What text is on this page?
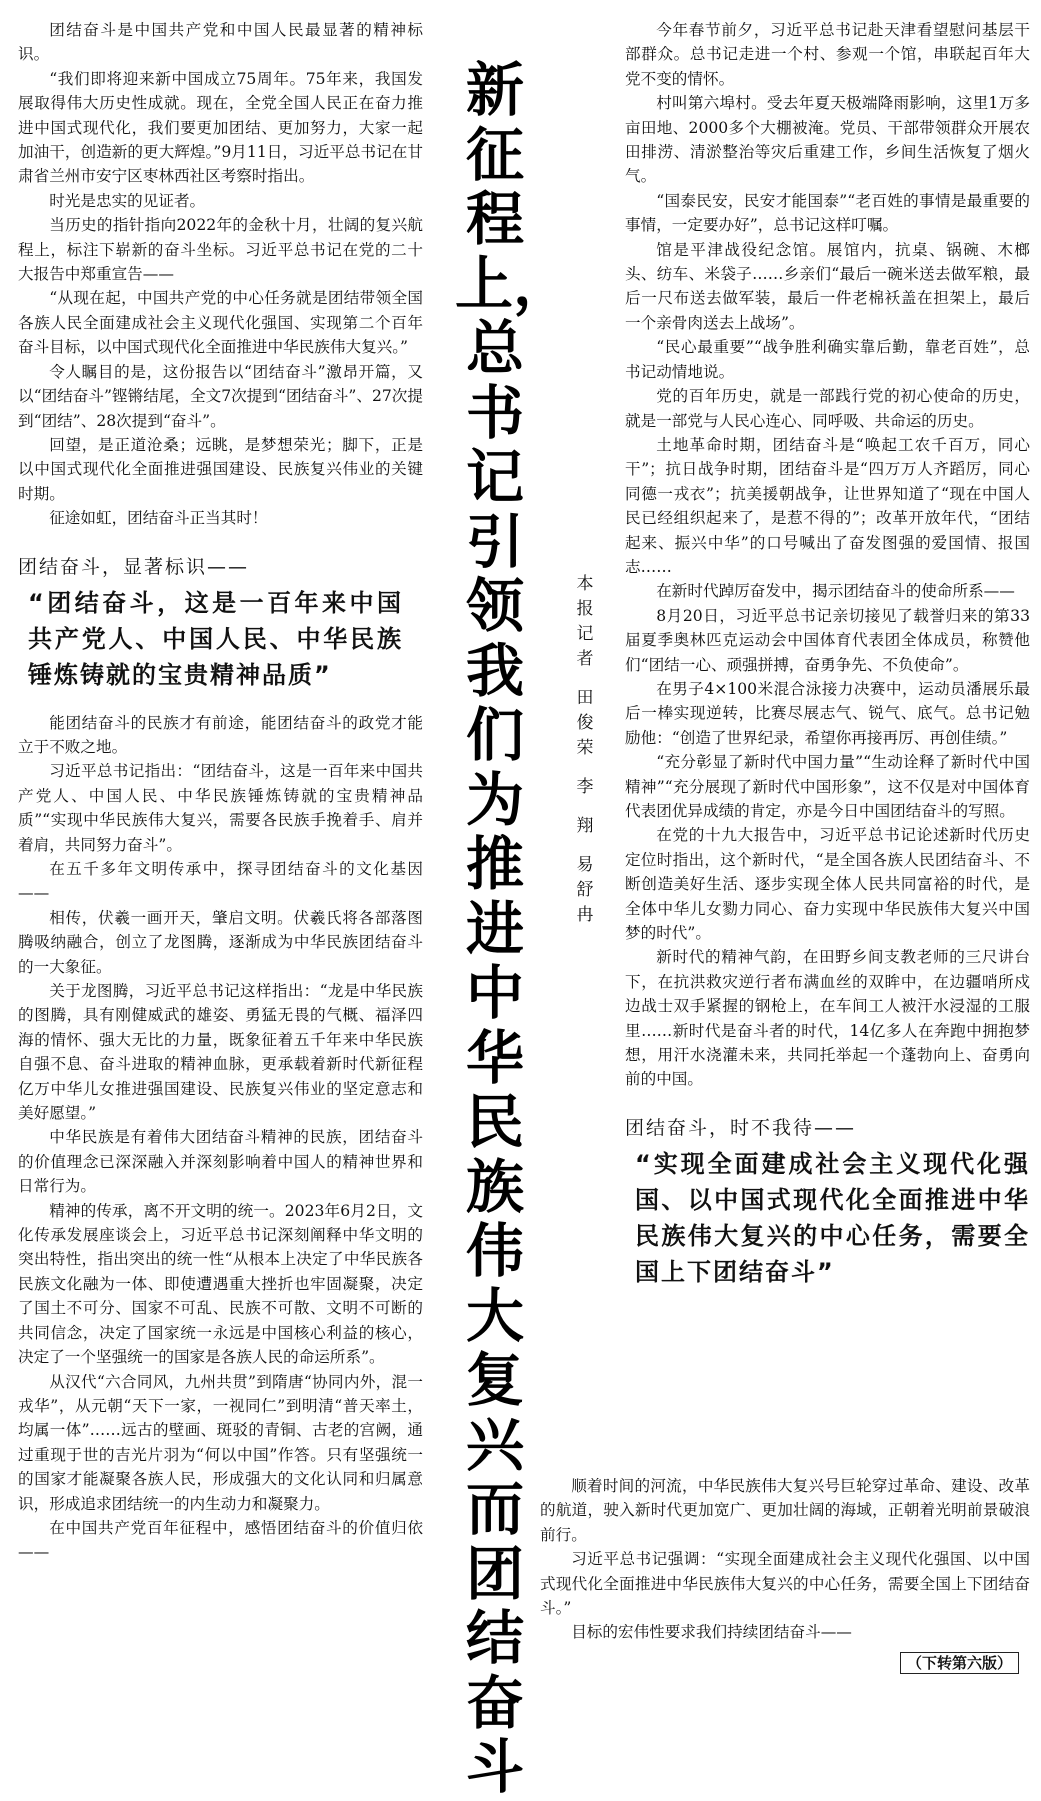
新
征
程
上，
总
书
记
引
领
我
们
为
推
进
中
华
民
族
伟
大
复
兴
而
团
结
奋
斗
本
报
记
者
田
俊
荣
李
翔
易
舒
冉

团结奋斗是中国共产党和中国人民最显著的精神标识。

“我们即将迎来新中国成立75周年。75年来，我国发展取得伟大历史性成就。现在，全党全国人民正在奋力推进中国式现代化，我们要更加团结、更加努力，大家一起加油干，创造新的更大辉煌。”9月11日，习近平总书记在甘肃省兰州市安宁区枣林西社区考察时指出。

时光是忠实的见证者。

当历史的指针指向2022年的金秋十月，壮阔的复兴航程上，标注下崭新的奋斗坐标。习近平总书记在党的二十大报告中郑重宣告——

“从现在起，中国共产党的中心任务就是团结带领全国各族人民全面建成社会主义现代化强国、实现第二个百年奋斗目标，以中国式现代化全面推进中华民族伟大复兴。”

令人瞩目的是，这份报告以“团结奋斗”激昂开篇，又以“团结奋斗”铿锵结尾，全文7次提到“团结奋斗”、27次提到“团结”、28次提到“奋斗”。

回望，是正道沧桑；远眺，是梦想荣光；脚下，正是以中国式现代化全面推进强国建设、民族复兴伟业的关键时期。

征途如虹，团结奋斗正当其时！

团结奋斗，显著标识——
“团结奋斗，这是一百年来中国共产党人、中国人民、中华民族锤炼铸就的宝贵精神品质”

能团结奋斗的民族才有前途，能团结奋斗的政党才能立于不败之地。

习近平总书记指出：“团结奋斗，这是一百年来中国共产党人、中国人民、中华民族锤炼铸就的宝贵精神品质”“实现中华民族伟大复兴，需要各民族手挽着手、肩并着肩，共同努力奋斗”。

在五千多年文明传承中，探寻团结奋斗的文化基因——

相传，伏羲一画开天，肇启文明。伏羲氏将各部落图腾吸纳融合，创立了龙图腾，逐渐成为中华民族团结奋斗的一大象征。

关于龙图腾，习近平总书记这样指出：“龙是中华民族的图腾，具有刚健威武的雄姿、勇猛无畏的气概、福泽四海的情怀、强大无比的力量，既象征着五千年来中华民族自强不息、奋斗进取的精神血脉，更承载着新时代新征程亿万中华儿女推进强国建设、民族复兴伟业的坚定意志和美好愿望。”

中华民族是有着伟大团结奋斗精神的民族，团结奋斗的价值理念已深深融入并深刻影响着中国人的精神世界和日常行为。

精神的传承，离不开文明的统一。2023年6月2日，文化传承发展座谈会上，习近平总书记深刻阐释中华文明的突出特性，指出突出的统一性“从根本上决定了中华民族各民族文化融为一体、即使遭遇重大挫折也牢固凝聚，决定了国土不可分、国家不可乱、民族不可散、文明不可断的共同信念，决定了国家统一永远是中国核心利益的核心，决定了一个坚强统一的国家是各族人民的命运所系”。

从汉代“六合同风，九州共贯”到隋唐“协同内外，混一戎华”，从元朝“天下一家，一视同仁”到明清“普天率土，均属一体”……远古的壁画、斑驳的青铜、古老的宫阙，通过重现于世的吉光片羽为“何以中国”作答。只有坚强统一的国家才能凝聚各族人民，形成强大的文化认同和归属意识，形成追求团结统一的内生动力和凝聚力。

在中国共产党百年征程中，感悟团结奋斗的价值归依——

今年春节前夕，习近平总书记赴天津看望慰问基层干部群众。总书记走进一个村、参观一个馆，串联起百年大党不变的情怀。

村叫第六埠村。受去年夏天极端降雨影响，这里1万多亩田地、2000多个大棚被淹。党员、干部带领群众开展农田排涝、清淤整治等灾后重建工作，乡间生活恢复了烟火气。

“国泰民安，民安才能国泰”“老百姓的事情是最重要的事情，一定要办好”，总书记这样叮嘱。

馆是平津战役纪念馆。展馆内，抗桌、锅碗、木榔头、纺车、米袋子……乡亲们“最后一碗米送去做军粮，最后一尺布送去做军装，最后一件老棉袄盖在担架上，最后一个亲骨肉送去上战场”。

“民心最重要”“战争胜利确实靠后勤，靠老百姓”，总书记动情地说。

党的百年历史，就是一部践行党的初心使命的历史，就是一部党与人民心连心、同呼吸、共命运的历史。

土地革命时期，团结奋斗是“唤起工农千百万，同心干”；抗日战争时期，团结奋斗是“四万万人齐蹈厉，同心同德一戎衣”；抗美援朝战争，让世界知道了“现在中国人民已经组织起来了，是惹不得的”；改革开放年代，“团结起来、振兴中华”的口号喊出了奋发图强的爱国情、报国志……

在新时代踔厉奋发中，揭示团结奋斗的使命所系——

8月20日，习近平总书记亲切接见了载誉归来的第33届夏季奥林匹克运动会中国体育代表团全体成员，称赞他们“团结一心、顽强拼搏，奋勇争先、不负使命”。

在男子4×100米混合泳接力决赛中，运动员潘展乐最后一棒实现逆转，比赛尽展志气、锐气、底气。总书记勉励他：“创造了世界纪录，希望你再接再厉、再创佳绩。”

“充分彰显了新时代中国力量”“生动诠释了新时代中国精神”“充分展现了新时代中国形象”，这不仅是对中国体育代表团优异成绩的肯定，亦是今日中国团结奋斗的写照。

在党的十九大报告中，习近平总书记论述新时代历史定位时指出，这个新时代，“是全国各族人民团结奋斗、不断创造美好生活、逐步实现全体人民共同富裕的时代，是全体中华儿女勠力同心、奋力实现中华民族伟大复兴中国梦的时代”。

新时代的精神气韵，在田野乡间支教老师的三尺讲台下，在抗洪救灾逆行者布满血丝的双眸中，在边疆哨所戍边战士双手紧握的钢枪上，在车间工人被汗水浸湿的工服里……新时代是奋斗者的时代，14亿多人在奔跑中拥抱梦想，用汗水浇灌未来，共同托举起一个蓬勃向上、奋勇向前的中国。

团结奋斗，时不我待——
“实现全面建成社会主义现代化强国、以中国式现代化全面推进中华民族伟大复兴的中心任务，需要全国上下团结奋斗”

顺着时间的河流，中华民族伟大复兴号巨轮穿过革命、建设、改革的航道，驶入新时代更加宽广、更加壮阔的海域，正朝着光明前景破浪前行。

习近平总书记强调：“实现全面建成社会主义现代化强国、以中国式现代化全面推进中华民族伟大复兴的中心任务，需要全国上下团结奋斗。”

目标的宏伟性要求我们持续团结奋斗——

（下转第六版）
